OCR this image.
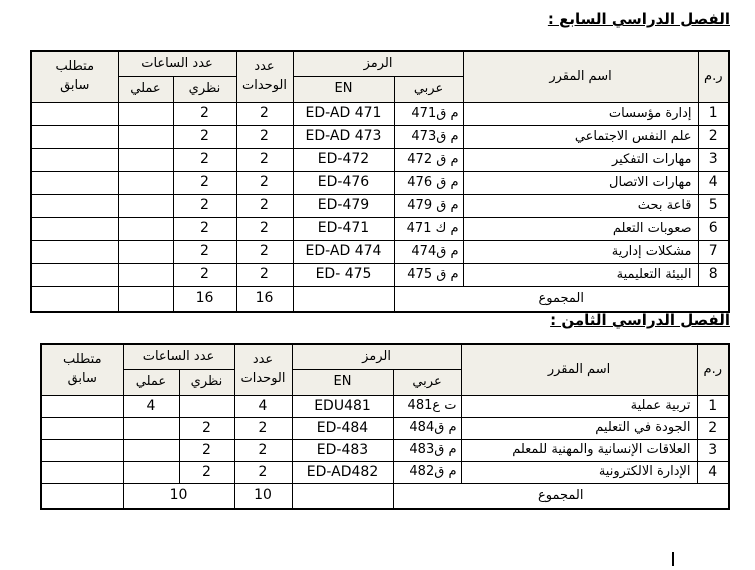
الفصل الدراسي السابع :
ر.م	اسم المقرر	الرمز		عدد الوحدات	عدد الساعات		متطلب سابق
		عربي	EN		نظري	عملي	
1	إدارة مؤسسات	م ق471	ED-AD 471	2	2		
2	علم النفس الاجتماعي	م ق473	ED-AD 473	2	2		
3	مهارات التفكير	م ق 472	ED-472	2	2		
4	مهارات الاتصال	م ق 476	ED-476	2	2		
5	قاعة بحث	م ق 479	ED-479	2	2		
6	صعوبات التعلم	م ك 471	ED-471	2	2		
7	مشكلات إدارية	م ق474	ED-AD 474	2	2		
8	البيئة التعليمية	م ق 475	ED- 475	2	2		
المجموع				16	16		
الفصل الدراسي الثامن :
ر.م	اسم المقرر	الرمز		عدد الوحدات	عدد الساعات		متطلب سابق
		عربي	EN		نظري	عملي	
1	تربية عملية	ت ع481	EDU481	4		4	
2	الجودة في التعليم	م ق484	ED-484	2	2		
3	العلاقات الإنسانية والمهنية للمعلم	م ق483	ED-483	2	2		
4	الإدارة الالكترونية	م ق482	ED-AD482	2	2		
المجموع				10	10		
